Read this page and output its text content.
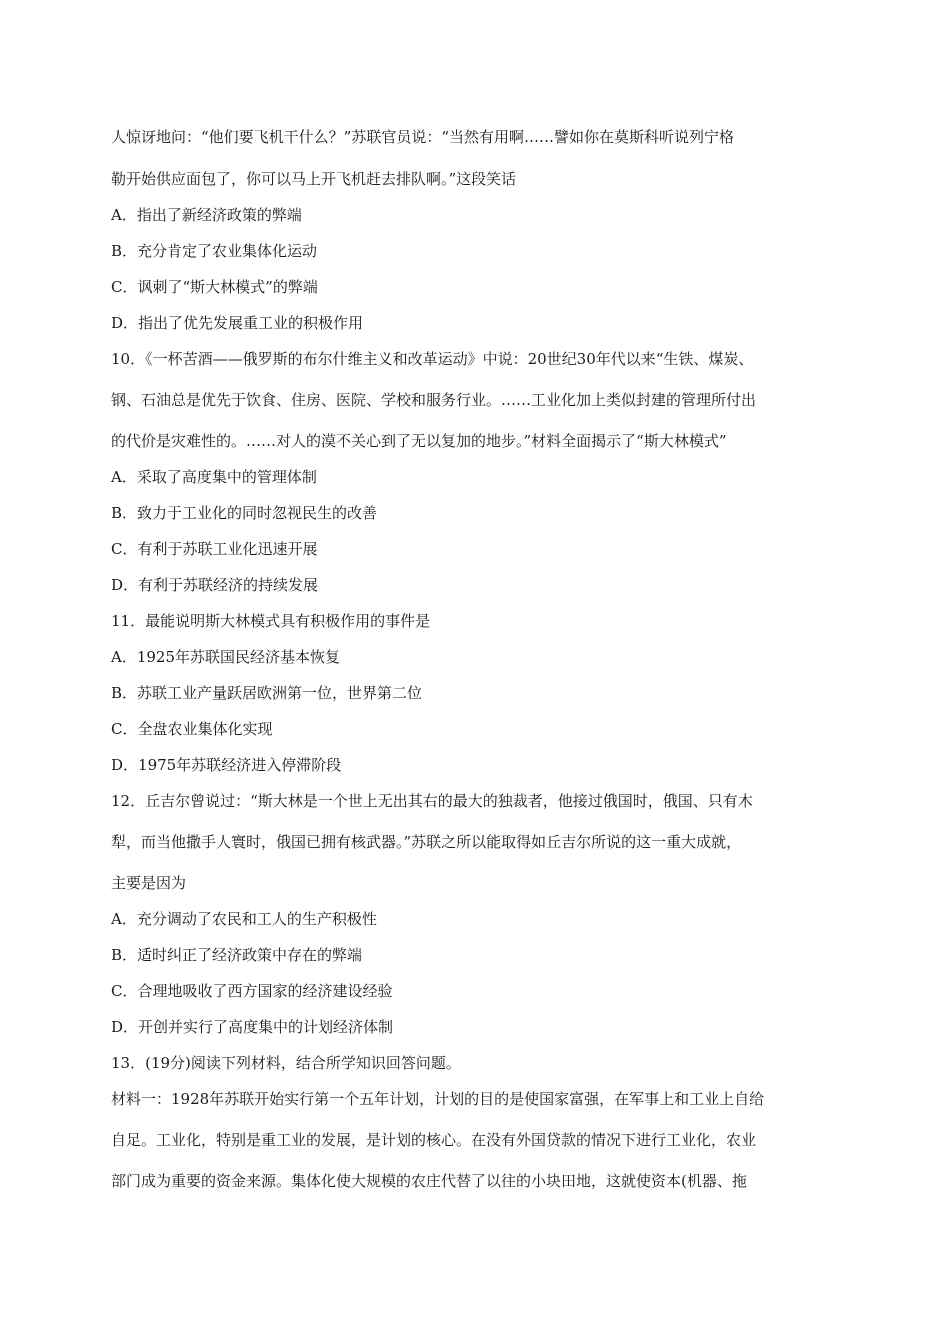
人惊讶地问：“他们要飞机干什么？”苏联官员说：“当然有用啊……譬如你在莫斯科听说列宁格
勒开始供应面包了，你可以马上开飞机赶去排队啊。”这段笑话
A．指出了新经济政策的弊端
B．充分肯定了农业集体化运动
C．讽刺了“斯大林模式”的弊端
D．指出了优先发展重工业的积极作用
10．《一杯苦酒——俄罗斯的布尔什维主义和改革运动》中说：20世纪30年代以来“生铁、煤炭、
钢、石油总是优先于饮食、住房、医院、学校和服务行业。……工业化加上类似封建的管理所付出
的代价是灾难性的。……对人的漠不关心到了无以复加的地步。”材料全面揭示了“斯大林模式”
A．采取了高度集中的管理体制
B．致力于工业化的同时忽视民生的改善
C．有利于苏联工业化迅速开展
D．有利于苏联经济的持续发展
11．最能说明斯大林模式具有积极作用的事件是
A．1925年苏联国民经济基本恢复
B．苏联工业产量跃居欧洲第一位，世界第二位
C．全盘农业集体化实现
D．1975年苏联经济进入停滞阶段
12．丘吉尔曾说过：“斯大林是一个世上无出其右的最大的独裁者，他接过俄国时，俄国、只有木
犁，而当他撒手人寰时，俄国已拥有核武器。”苏联之所以能取得如丘吉尔所说的这一重大成就，
主要是因为
A．充分调动了农民和工人的生产积极性
B．适时纠正了经济政策中存在的弊端
C．合理地吸收了西方国家的经济建设经验
D．开创并实行了高度集中的计划经济体制
13．(19分)阅读下列材料，结合所学知识回答问题。
材料一：1928年苏联开始实行第一个五年计划，计划的目的是使国家富强，在军事上和工业上自给
自足。工业化，特别是重工业的发展，是计划的核心。在没有外国贷款的情况下进行工业化，农业
部门成为重要的资金来源。集体化使大规模的农庄代替了以往的小块田地，这就使资本(机器、拖
